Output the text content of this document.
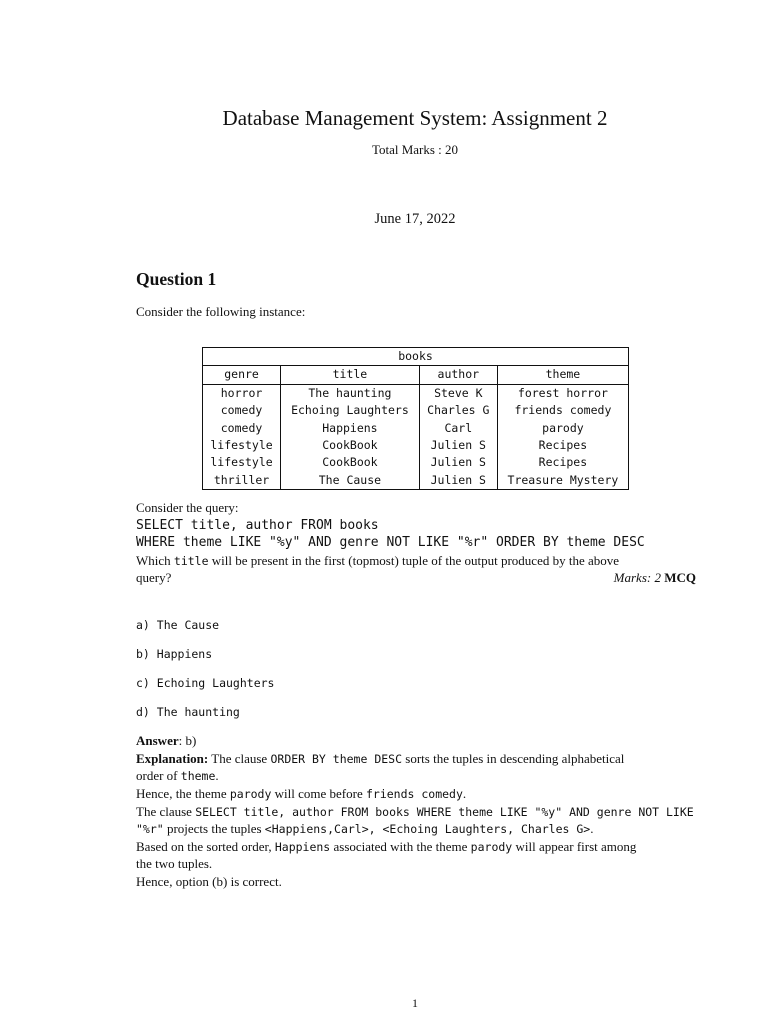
Database Management System: Assignment 2
Total Marks : 20
June 17, 2022
Question 1
Consider the following instance:
books			
genre	title	author	theme
horror	The haunting	Steve K	forest horror
comedy	Echoing Laughters	Charles G	friends comedy
comedy	Happiens	Carl	parody
lifestyle	CookBook	Julien S	Recipes
lifestyle	CookBook	Julien S	Recipes
thriller	The Cause	Julien S	Treasure Mystery
Consider the query:
SELECT title, author FROM books
WHERE theme LIKE "%y" AND genre NOT LIKE "%r" ORDER BY theme DESC
Which title will be present in the first (topmost) tuple of the output produced by the above
query?	Marks: 2 MCQ
a) The Cause
b) Happiens
c) Echoing Laughters
d) The haunting
Answer: b)
Explanation: The clause ORDER BY theme DESC sorts the tuples in descending alphabetical
order of theme.
Hence, the theme parody will come before friends comedy.
The clause SELECT title, author FROM books WHERE theme LIKE "%y" AND genre NOT LIKE
"%r" projects the tuples <Happiens,Carl>, <Echoing Laughters, Charles G>.
Based on the sorted order, Happiens associated with the theme parody will appear first among
the two tuples.
Hence, option (b) is correct.
1
